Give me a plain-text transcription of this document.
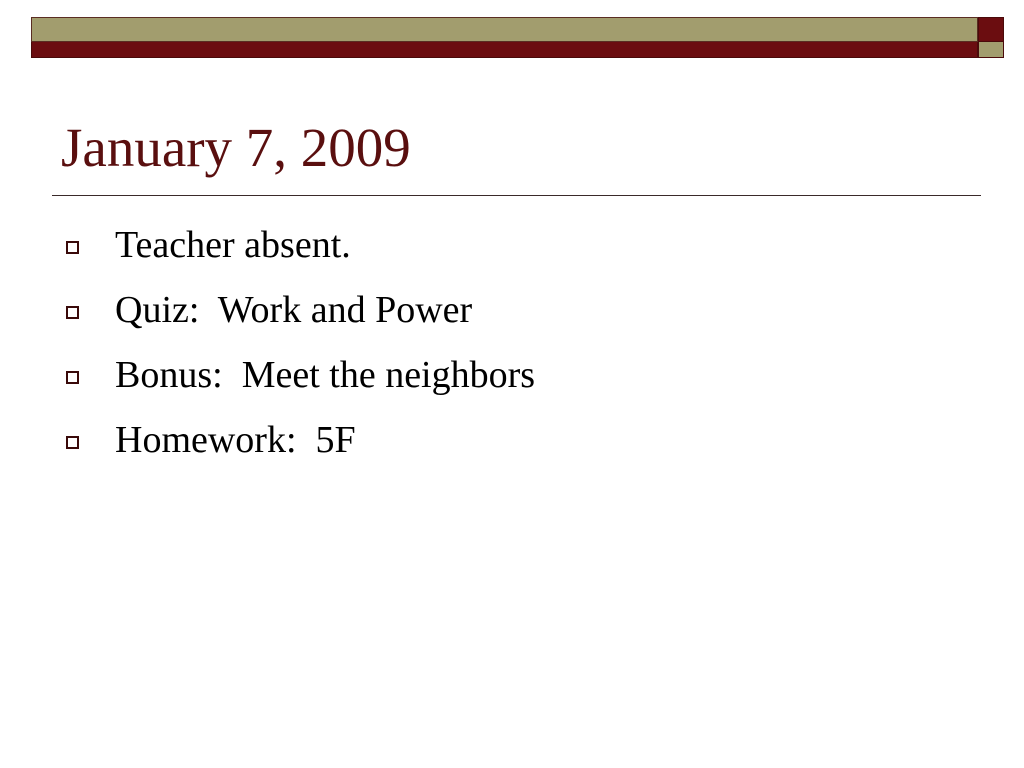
January 7, 2009
Teacher absent.
Quiz:  Work and Power
Bonus:  Meet the neighbors
Homework:  5F
